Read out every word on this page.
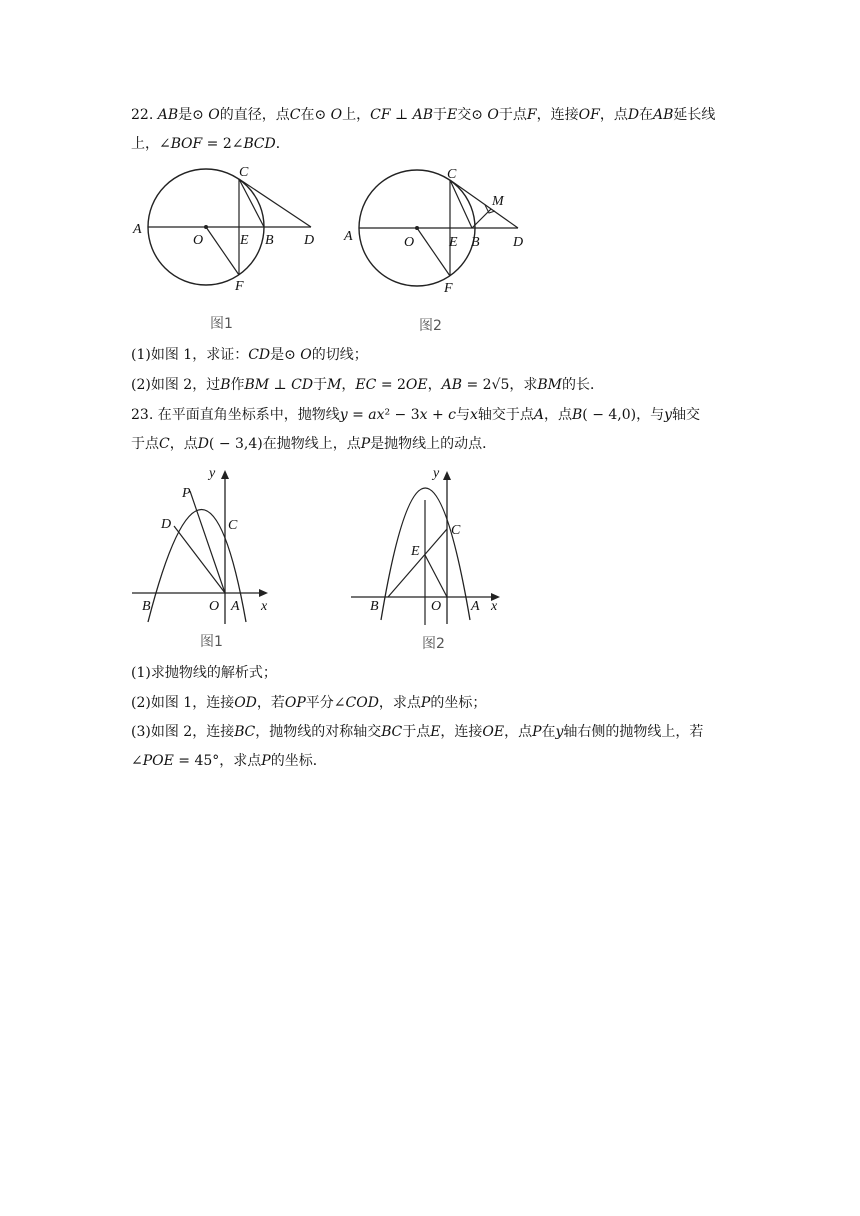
22. 𝐴𝐵是⊙ 𝑂的直径，点𝐶在⊙ 𝑂上，𝐶𝐹 ⊥ 𝐴𝐵于𝐸交⊙ 𝑂于点𝐹，连接𝑂𝐹，点𝐷在𝐴𝐵延长线
上，∠𝐵𝑂𝐹 = 2∠𝐵𝐶𝐷．
A
O	E B D
C
F
图1
A	O E B D
C
F
M
图2
(1)如图 1，求证：𝐶𝐷是⊙ 𝑂的切线；
(2)如图 2，过𝐵作𝐵𝑀 ⊥ 𝐶𝐷于𝑀，𝐸𝐶 = 2𝑂𝐸，𝐴𝐵 = 2√5，求𝐵𝑀的长．
23. 在平面直角坐标系中，抛物线𝑦 = 𝑎𝑥² − 3𝑥 + 𝑐与𝑥轴交于点𝐴，点𝐵( − 4,0)，与𝑦轴交
于点𝐶，点𝐷( − 3,4)在抛物线上，点𝑃是抛物线上的动点．
y
x
P
D	C
B	O A
图1
y
x
E
C
B	O A
图2
(1)求抛物线的解析式；
(2)如图 1，连接𝑂𝐷，若𝑂𝑃平分∠𝐶𝑂𝐷，求点𝑃的坐标；
(3)如图 2，连接𝐵𝐶，抛物线的对称轴交𝐵𝐶于点𝐸，连接𝑂𝐸，点𝑃在𝑦轴右侧的抛物线上，若
∠𝑃𝑂𝐸 = 45°，求点𝑃的坐标．
